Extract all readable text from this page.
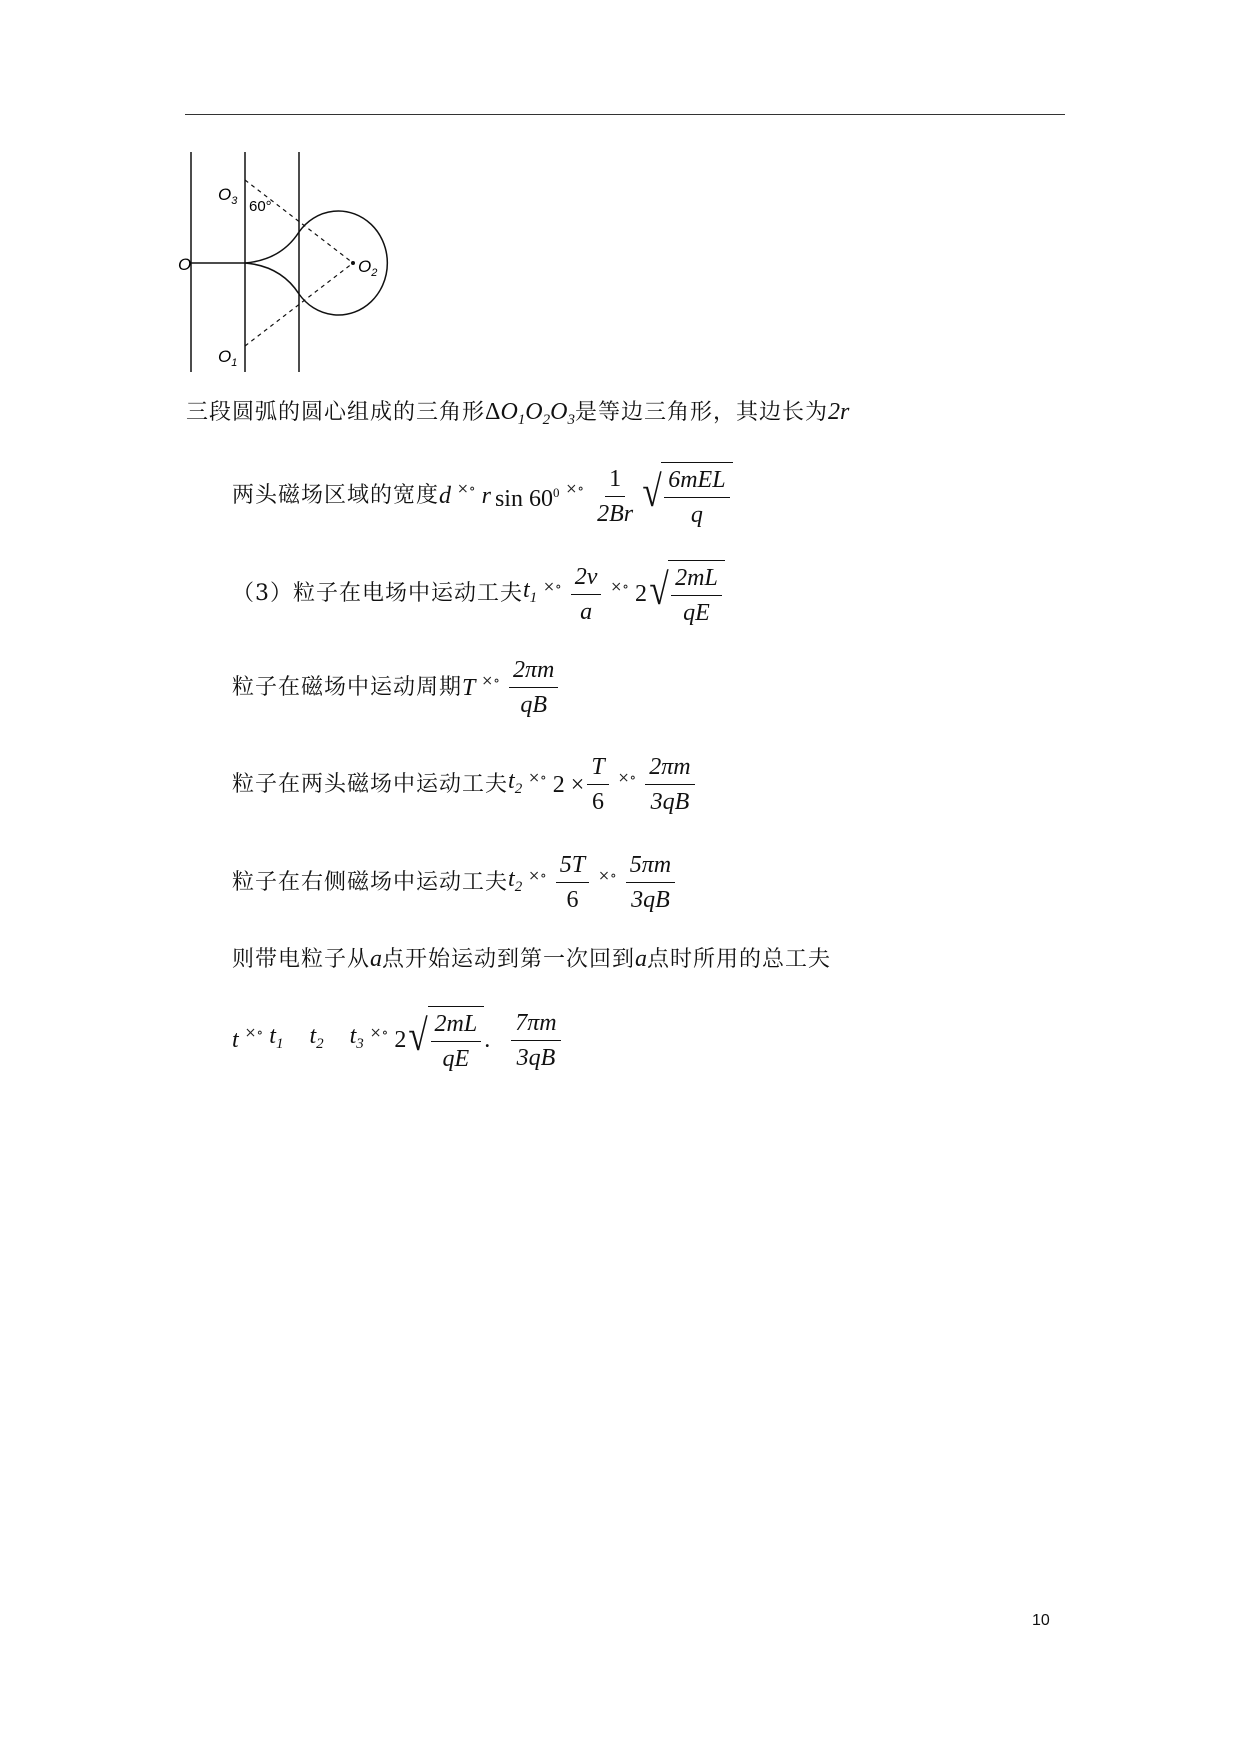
O
$O_3$ 60°
$O_2$
$O_1$
三段圆弧的圆心组成的三角形$\Delta O_1O_2O_3$是等边三角形，其边长为2r
两头磁场区域的宽度 d ×∘ r $\sin 60^0$ ×∘ $\frac{1}{2Br}$ √ $\frac{\text{6mEL}}{q}$
（3）粒子在电场中运动工夫 $t_1$
×∘ $\frac{2v}{a}$ ×∘ 2 √ $\frac{2mL}{qE}$
粒子在磁场中运动周期 T ×∘ $\frac{2\pi m}{qB}$
粒子在两头磁场中运动工夫 $t_2$
×∘ $2 \times \frac{T}{6}$ ×∘ $\frac{2\pi m}{3qB}$
粒子在右侧磁场中运动工夫 $t_2$
×∘ $\frac{5T}{6}$ ×∘ $\frac{5\pi m}{3qB}$
则带电粒子从a点开始运动到第一次回到a点时所用的总工夫
t ×∘ $t_1$ $t_2$ $t_3$
×∘ 2 √ $\frac{2mL}{qE}$ . $\frac{7\pi m}{3qB}$
10
